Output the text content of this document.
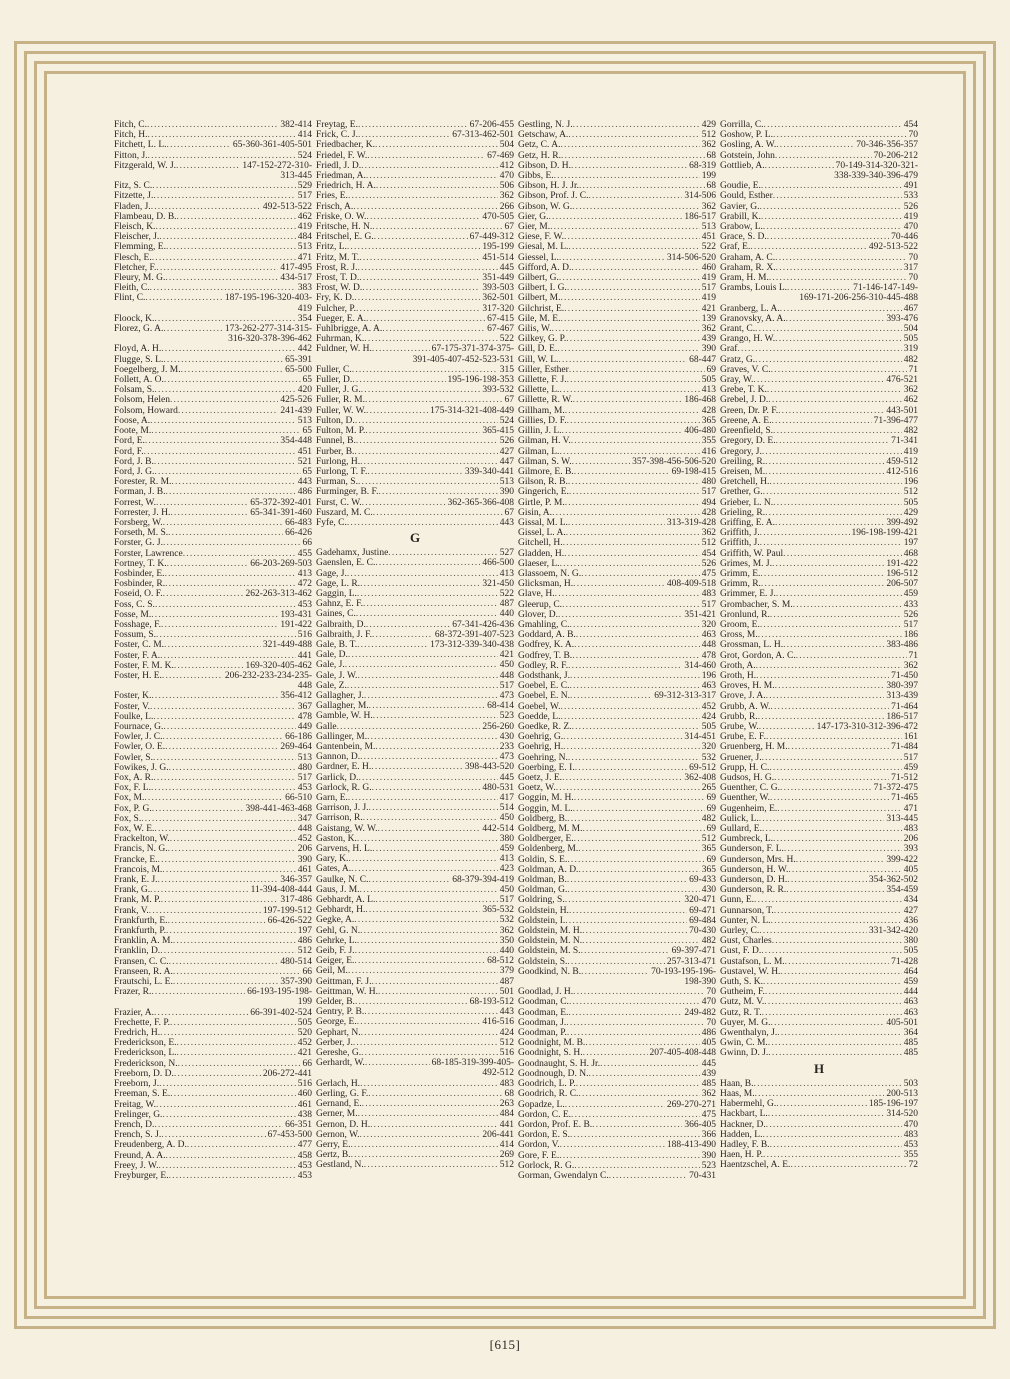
Fitch, C. . . .	382-414
Fitch, H. . . .	414
Fitchett, L. L. . . .	65-360-361-405-501
Fitton, J. . . .	524
Fitzgerald, W. J. . . .	147-152-272-310-
313-445
Fitz, S. C. . . .	529
Fitzette, J. . . .	517
Fladen, J. . . .	492-513-522
Flambeau, D. B. . . .	462
Fleisch, K. . . .	419
Fleischer, J. . . .	484
Flemming, E. . . .	513
Flesch, E. . . .	471
Fletcher, F. . . .	417-495
Fleury, M. G. . . .	434-517
Fleith, C. . . .	383
Flint, C. . . .	187-195-196-320-403-
419
Floock, K. . . .	354
Florez, G. A. . . .	173-262-277-314-315-
316-320-378-396-462
Floyd, A. H. . . .	442
Flugge, S. L. . . .	65-391
Foegelberg, J. M. . . .	65-500
Follett, A. O. . . .	65
Folsam, S. . . .	420
Folsom, Helen . . .	425-526
Folsom, Howard . . .	241-439
Foose, A. . . .	513
Foote, M. . . .	65
Ford, E. . . .	354-448
Ford, F. . . .	451
Ford, J. B. . . .	521
Ford, J. G. . . .	65
Forester, R. M. . . .	443
Forman, J. B. . . .	486
Forrest, W. . . .	65-372-392-401
Forrester, J. H. . . .	65-341-391-460
Forsberg, W. . . .	66-483
Forseth, M. S. . . .	66-426
Forster, G. J. . . .	66
Forster, Lawrence . . .	455
Fortney, T. K. . . .	66-203-269-503
Fosbinder, E. . . .	413
Fosbinder, R. . . .	472
Foseid, O. F. . . .	262-263-313-462
Foss, C. S. . . .	453
Fosse, M. . . .	193-431
Fosshage, F. . . .	191-422
Fossum, S. . . .	516
Foster, C. M. . . .	321-449-488
Foster, F. A. . . .	441
Foster, F. M. K. . . .	169-320-405-462
Foster, H. E. . . .	206-232-233-234-235-
448
Foster, K. . . .	356-412
Foster, V. . . .	367
Foulke, L. . . .	478
Fournace, G. . . .	449
Fowler, J. C. . . .	66-186
Fowler, O. E. . . .	269-464
Fowler, S. . . .	513
Fowikes, J. G. . . .	480
Fox, A. R. . . .	517
Fox, F. L. . . .	453
Fox, M. . . .	66-510
Fox, P. G. . . .	398-441-463-468
Fox, S. . . .	347
Fox, W. E. . . .	448
Frackelton, W. . . .	452
Francis, N. G. . . .	206
Francke, E. . . .	390
Francois, M. . . .	461
Frank, E. J. . . .	346-357
Frank, G. . . .	11-394-408-444
Frank, M. P. . . .	317-486
Frank, V. . . .	197-199-512
Frankfurth, E. . . .	66-426-522
Frankfurth, P. . . .	197
Franklin, A. M. . . .	486
Franklin, D. . . .	512
Fransen, C. C. . . .	480-514
Franseen, R. A. . . .	66
Frautschi, L. E. . . .	357-390
Frazer, R. . . .	66-193-195-198-
199
Frazier, A. . . .	66-391-402-524
Frechette, F. P. . . .	505
Fredrich, H. . . .	520
Frederickson, E. . . .	452
Frederickson, L. . . .	421
Frederickson, N. . . .	66
Freeborn, D. D. . . .	206-272-441
Freeborn, J. . . .	516
Freeman, S. E. . . .	460
Freitag, W. . . .	461
Frelinger, G. . . .	438
French, D. . . .	66-351
French, S. J. . . .	67-453-500
Freudenberg, A. D. . . .	477
Freund, A. A. . . .	458
Freey, J. W. . . .	453
Freyburger, E. . . .	453
Freytag, E. . . .	67-206-455
Frick, C. J. . . .	67-313-462-501
Friedbacher, K. . . .	504
Friedel, F. W. . . .	67-469
Friedl, J. D. . . .	412
Friedman, A. . . .	470
Friedrich, H. A. . . .	506
Fries, E. . . .	362
Frisch, A. . . .	266
Friske, O. W. . . .	470-505
Fritsche, H. N. . . .	67
Fritschel, E. G. . . .	67-449-312
Fritz, L. . . .	195-199
Fritz, M. T. . . .	451-514
Frost, R. J. . . .	445
Frost, T. D. . . .	351-449
Frost, W. D. . . .	393-503
Fry, K. D. . . .	362-501
Fulcher, P. . . .	317-320
Fueger, E. A. . . .	67-415
Fuhlbrigge, A. A. . . .	67-467
Fuhrman, K. . . .	522
Fuldner, W. H. . . .	67-175-371-374-375-
391-405-407-452-523-531
Fuller, C. . . .	315
Fuller, D. . . .	195-196-198-353
Fuller, J. G. . . .	393-532
Fuller, R. M. . . .	67
Fuller, W. W. . . .	175-314-321-408-449
Fulton, D. . . .	524
Fulton, M. P. . . .	365-415
Funnel, B. . . .	526
Furber, B. . . .	427
Furlong, H. . . .	447
Furlong, T. F. . . .	339-340-441
Furman, S. . . .	513
Furminger, B. F. . . .	390
Furst, C. W. . . .	362-365-366-408
Fuszard, M. C. . . .	67
Fyfe, C. . . .	443
G
Gadehamx, Justine . . .	527
Gaenslen, E. C. . . .	466-500
Gage, J. . . .	413
Gage, L. R. . . .	321-450
Gaggin, L. . . .	522
Gahnz, E. F. . . .	487
Gaines, C. . . .	440
Galbraith, D. . . .	67-341-426-436
Galbraith, J. F. . . .	68-372-391-407-523
Gale, B. T. . . .	173-312-339-340-438
Gale, D. . . .	421
Gale, J. . . .	450
Gale, J. W. . . .	448
Gale, Z. . . .	517
Gallagher, J. . . .	473
Gallagher, M. . . .	68-414
Gamble, W. H. . . .	523
Galle . . .	256-260
Gallinger, M. . . .	430
Gantenbein, M. . . .	233
Gannon, D. . . .	473
Gardner, E. H. . . .	398-443-520
Garlick, D. . . .	445
Garlock, R. G. . . .	480-531
Garn, E. . . .	417
Garrison, J. J. . . .	514
Garrison, R. . . .	450
Gaistang, W. W. . . .	442-514
Gaston, K. . . .	380
Garvens, H. L. . . .	459
Gary, K. . . .	413
Gates, A. . . .	423
Gaulke, N. C. . . .	68-379-394-419
Gaus, J. M. . . .	450
Gebhardt, A. L. . . .	517
Gebhardt, H. . . .	365-532
Gegke, A. . . .	532
Gehl, G. N. . . .	362
Gehrke, L. . . .	350
Geib, F. J. . . .	440
Geiger, E. . . .	68-512
Geil, M. . . .	379
Geittman, F. J. . . .	487
Geittman, W. H. . . .	501
Gelder, B. . . .	68-193-512
Gentry, P. B. . . .	443
George, E. . . .	416-516
Gephart, N. . . .	424
Gerber, J. . . .	512
Gereshe, G. . . .	516
Gerhardt, W. . . .	68-185-319-399-405-
492-512
Gerlach, H. . . .	483
Gerling, G. F. . . .	68
Gernand, E. . . .	263
Gerner, M. . . .	484
Gernon, D. H. . . .	441
Gernon, W. . . .	206-441
Gerry, E. . . .	414
Gertz, B. . . .	269
Gestland, N. . . .	512
Gestling, N. J. . . .	429
Getschaw, A. . . .	512
Getz, C. A. . . .	362
Getz, H. R. . . .	68
Gibson, D. H. . . .	68-319
Gibbs, E. . . .	199
Gibson, H. J. Jr. . . .	68
Gibson, Prof. J. C. . . .	314-506
Gibson, W. G. . . .	362
Gier, G. . . .	186-517
Gier, M. . . .	513
Giese, F. W. . . .	451
Giesal, M. L. . . .	522
Giessel, L. . . .	314-506-520
Gifford, A. D. . . .	460
Gilbert, G. . . .	419
Gilbert, I. G. . . .	517
Gilbert, M. . . .	419
Gilchrist, E. . . .	421
Gile, M. E. . . .	139
Gilis, W. . . .	362
Gilkey, G. P. . . .	439
Gill, D. E. . . .	390
Gill, W. L. . . .	68-447
Giller, Esther . . .	69
Gillette, F. J. . . .	505
Gillette, L. . . .	413
Gillette, R. W. . . .	186-468
Gillham, M. . . .	428
Gillies, D. F. . . .	365
Gillin, J. L. . . .	406-480
Gilman, H. V. . . .	355
Gilman, L. . . .	416
Gilman, S. W. . . .	357-398-456-506-520
Gilmore, E. B. . . .	69-198-415
Gilson, R. B. . . .	480
Gingerich, E. . . .	517
Girtle, P. M. . . .	494
Gisin, A. . . .	428
Gissal, M. L. . . .	313-319-428
Gissel, L. A. . . .	362
Gitchell, H. . . .	512
Gladden, H. . . .	454
Glaeser, L. . . .	526
Glassoem, N. G. . . .	475
Glicksman, H. . . .	408-409-518
Glave, H. . . .	483
Gleerup, C. . . .	517
Glover, D. . . .	351-421
Gmahling, C. . . .	320
Goddard, A. B. . . .	463
Godfrey, K. A. . . .	448
Godfrey, T. B. . . .	478
Godley, R. F. . . .	314-460
Godsthank, J. . . .	196
Goebel, E. C. . . .	463
Goebel, E. N. . . .	69-312-313-317
Goebel, W. . . .	452
Goedde, L. . . .	424
Goedke, R. Z. . . .	505
Goehrig, G. . . .	314-451
Goehrig, H. . . .	320
Goehring, N. . . .	532
Goerbing, E. I. . . .	69-512
Goetz, J. E. . . .	362-408
Goetz, W. . . .	265
Goggin, M. H. . . .	69
Goggin, M. L. . . .	69
Goldberg, B. . . .	482
Goldberg, M. M. . . .	69
Goldberger, E. . . .	512
Goldenberg, M. . . .	365
Goldin, S. E. . . .	69
Goldman, A. D. . . .	365
Goldman, B. . . .	69-433
Goldman, G. . . .	430
Goldring, S. . . .	320-471
Goldstein, H. . . .	69-471
Goldstein, I. . . .	69-484
Goldstein, M. H. . . .	70-430
Goldstein, M. N. . . .	482
Goldstein, M. S. . . .	69-397-471
Goldstein, S. . . .	257-313-471
Goodkind, N. B. . . .	70-193-195-196-
198-390
Goodlad, J. H. . . .	70
Goodman, C. . . .	470
Goodman, E. . . .	249-482
Goodman, J. . . .	70
Goodman, P. . . .	486
Goodnight, M. B. . . .	405
Goodnight, S. H. . . .	207-405-408-448
Goodnaught, S. H. Jr. . . .	445
Goodnough, D. N. . . .	439
Goodrich, L. P. . . .	485
Goodrich, R. C. . . .	362
Gopadze, L. . . .	269-270-271
Gordon, C. E. . . .	475
Gordon, Prof. E. B. . . .	366-405
Gordon, E. S. . . .	366
Gordon, V. . . .	188-413-490
Gore, F. E. . . .	390
Gorlock, R. G. . . .	523
Gorman, Gwendalyn C. . . .	70-431
Gorrilla, C. . . .	454
Goshow, P. L. . . .	70
Gosling, A. W. . . .	70-346-356-357
Gotstein, John . . .	70-206-212
Gottlieb, A. . . .	70-149-314-320-321-
338-339-340-396-479
Goudie, E. . . .	491
Gould, Esther . . .	533
Gavier, G. . . .	526
Grabill, K. . . .	419
Grabow, L. . . .	470
Grace, S. D. . . .	70-446
Graf, E. . . .	492-513-522
Graham, A. C. . . .	70
Graham, R. X. . . .	317
Gram, H. M. . . .	70
Grambs, Louis L. . . .	71-146-147-149-
169-171-206-256-310-445-488
Granberg, L. A. . . .	467
Granovsky, A. A. . . .	393-476
Grant, C. . . .	504
Grango, H. W. . . .	505
Graf . . .	319
Gratz, G. . . .	482
Graves, V. C. . . .	71
Gray, W. . . .	476-521
Grebe, T. K. . . .	362
Grebel, J. D. . . .	462
Green, Dr. P. F. . . .	443-501
Greene, A. E. . . .	71-396-477
Greenfield, S. . . .	482
Gregory, D. E. . . .	71-341
Gregory, J. . . .	419
Greiling, R. . . .	459-512
Greisen, M. . . .	412-516
Gretchell, H. . . .	196
Grether, G. . . .	512
Grieber, L. N. . . .	505
Grieling, R. . . .	429
Griffing, E. A. . . .	399-492
Griffith, J. . . .	196-198-199-421
Griffith, J. . . .	197
Griffith, W. Paul . . .	468
Grimes, M. J. . . .	191-422
Grimm, E. . . .	196-512
Grimm, R. . . .	206-507
Grimmer, E. J. . . .	459
Grombacher, S. M. . . .	433
Gronlund, R. . . .	526
Groom, E. . . .	517
Gross, M. . . .	186
Grossman, L. H. . . .	383-486
Grot, Gordon, A. C. . . .	71
Groth, A. . . .	362
Groth, H. . . .	71-450
Groves, H. M. . . .	380-397
Grove, J. A. . . .	313-439
Grubb, A. W. . . .	71-464
Grubb, R. . . .	186-517
Grube, W. . . .	147-173-310-312-396-472
Grube, E. F. . . .	161
Gruenberg, H. M. . . .	71-484
Gruener, J. . . .	517
Grupp, H. C. . . .	459
Gudsos, H. G. . . .	71-512
Guenther, C. G. . . .	71-372-475
Guenther, W. . . .	71-465
Gugenheim, E. . . .	471
Gulick, L. . . .	313-445
Gullard, E. . . .	483
Gumbreck, L. . . .	206
Gunderson, F. L. . . .	393
Gunderson, Mrs. H. . . .	399-422
Gunderson, H. W. . . .	405
Gunderson, D. H. . . .	354-362-502
Gunderson, R. R. . . .	354-459
Gunn, E. . . .	434
Gunnarson, T. . . .	427
Gunter, N. L. . . .	436
Gurley, C. . . .	331-342-420
Gust, Charles . . .	380
Gust, F. D. . . .	505
Gustafson, L. M. . . .	71-428
Gustavel, W. H. . . .	464
Guth, S. K. . . .	459
Gutheim, F. . . .	444
Gutz, M. V. . . .	463
Gutz, R. T. . . .	463
Guyer, M. G. . . .	405-501
Gwenthalyn, J. . . .	364
Gwin, C. M. . . .	485
Gwinn, D. J. . . .	485
H
Haan, B. . . .	503
Haas, M. . . .	200-513
Habermehl, G. . . .	185-196-197
Hackbart, L. . . .	314-520
Hackner, D. . . .	470
Hadden, L. . . .	483
Hadley, F. B. . . .	453
Haen, H. P. . . .	355
Haentzschel, A. E. . . .	72
[615]
